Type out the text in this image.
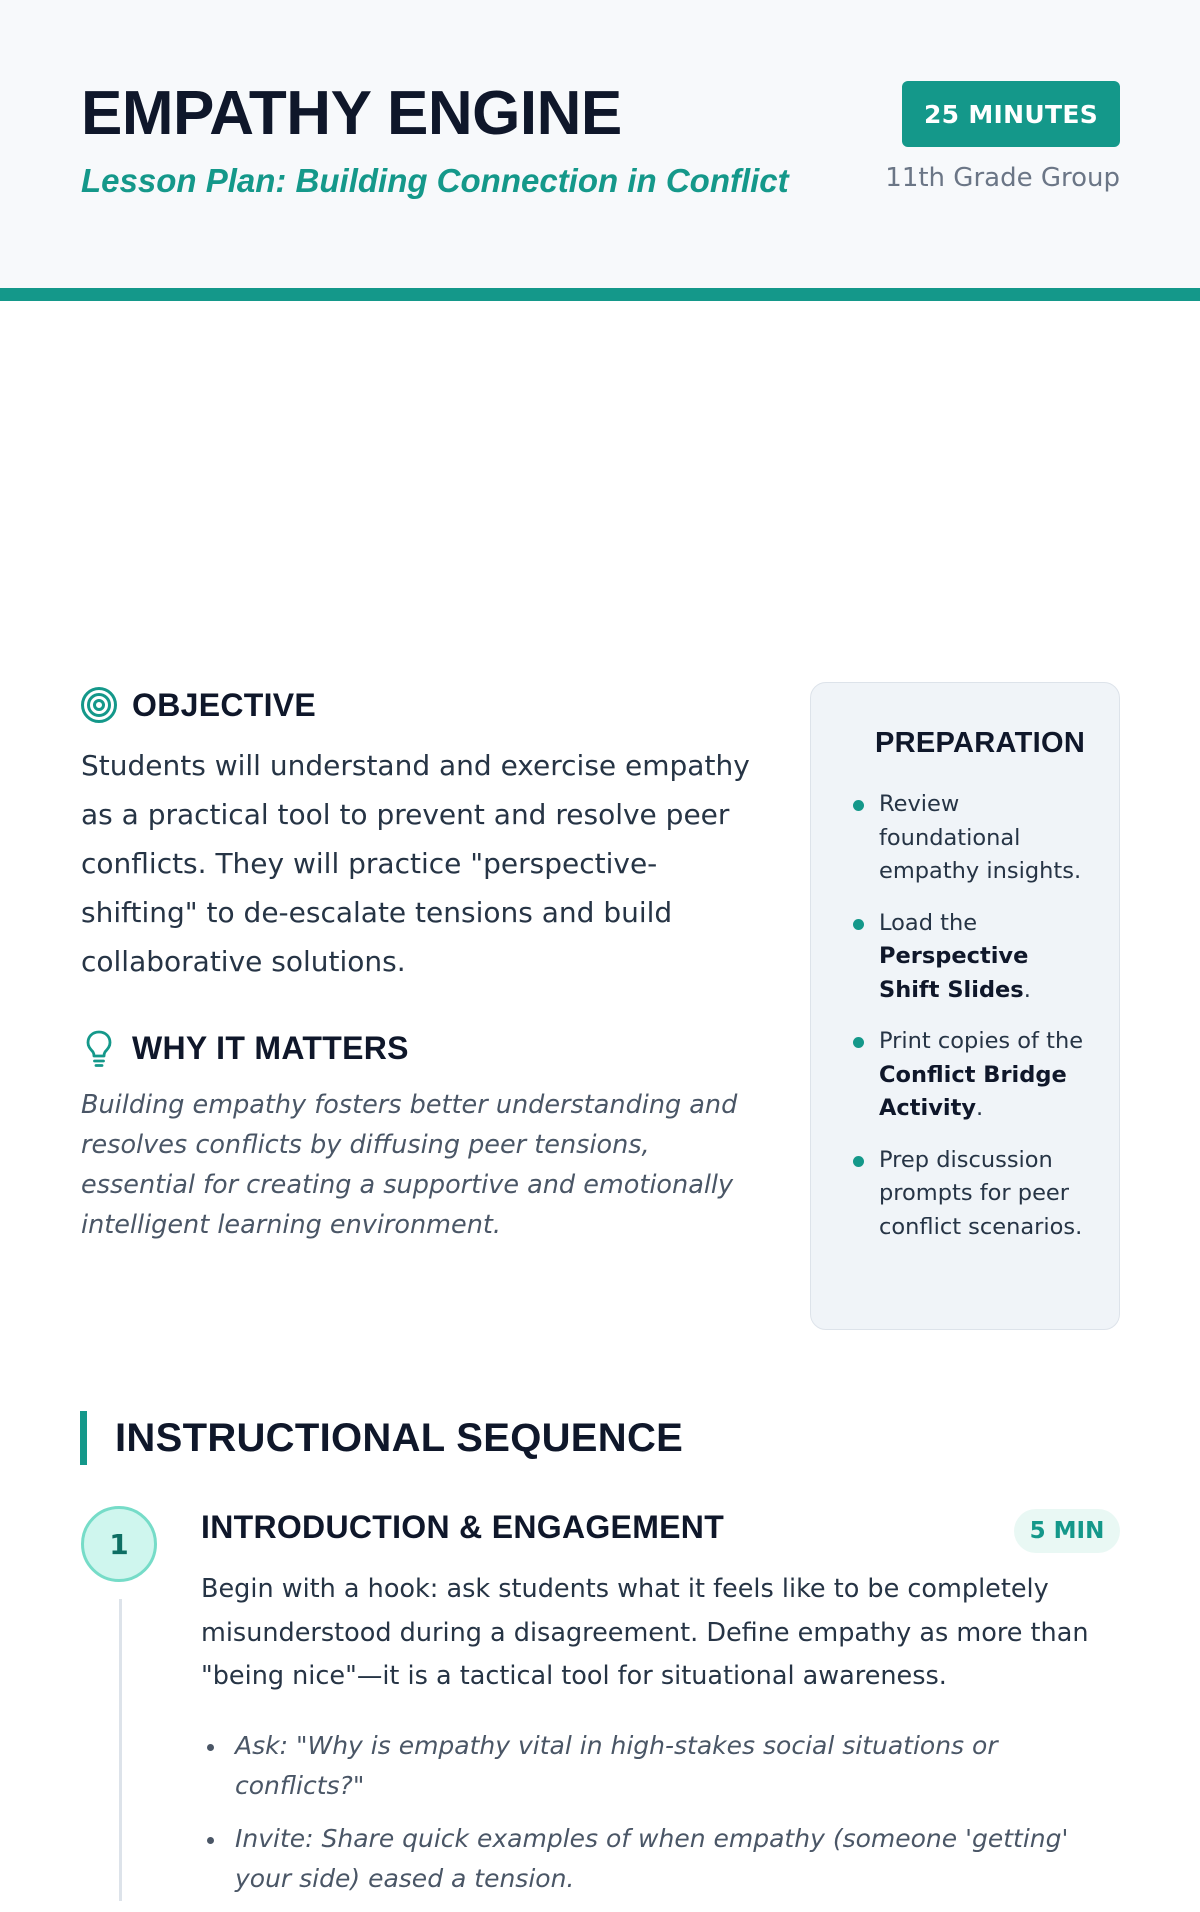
EMPATHY ENGINE

Lesson Plan: Building Connection in Conflict

25 MINUTES
11th Grade Group
OBJECTIVE

Students will understand and exercise empathy as a practical tool to prevent and resolve peer conflicts. They will practice "perspective-shifting" to de-escalate tensions and build collaborative solutions.

WHY IT MATTERS

Building empathy fosters better understanding and resolves conflicts by diffusing peer tensions, essential for creating a supportive and emotionally intelligent learning environment.

PREPARATION
Review foundational empathy insights.
Load the Perspective Shift Slides.
Print copies of the Conflict Bridge Activity.
Prep discussion prompts for peer conflict scenarios.
INSTRUCTIONAL SEQUENCE
1	INTRODUCTION & ENGAGEMENT	5 MIN

Begin with a hook: ask students what it feels like to be completely misunderstood during a disagreement. Define empathy as more than "being nice"—it is a tactical tool for situational awareness.

Ask: "Why is empathy vital in high-stakes social situations or conflicts?"
Invite: Share quick examples of when empathy (someone 'getting' your side) eased a tension.
